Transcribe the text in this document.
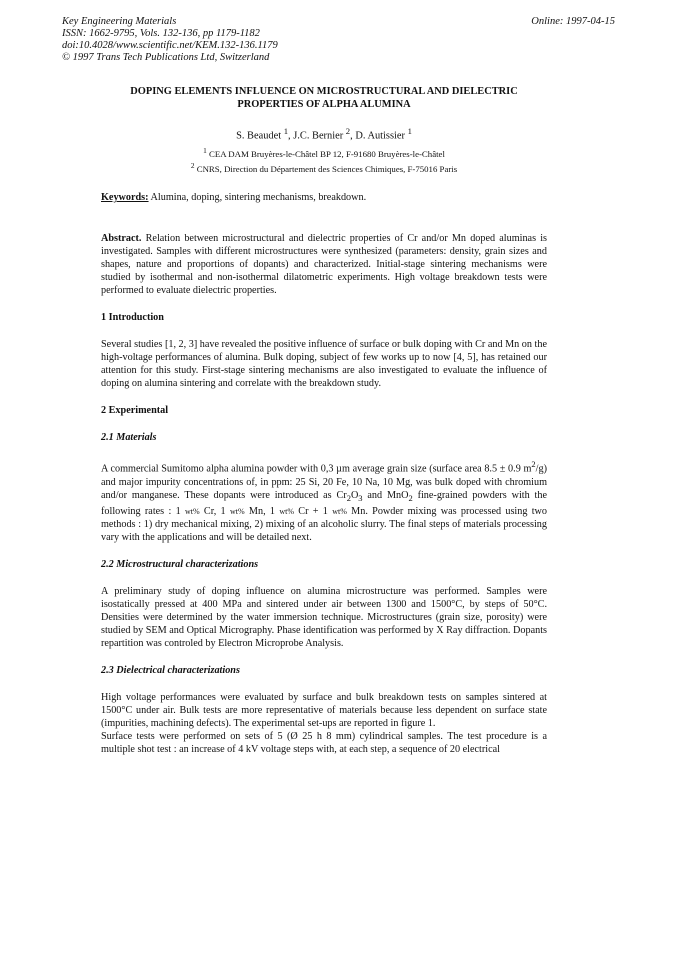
Key Engineering Materials
ISSN: 1662-9795, Vols. 132-136, pp 1179-1182
doi:10.4028/www.scientific.net/KEM.132-136.1179
© 1997 Trans Tech Publications Ltd, Switzerland
Online: 1997-04-15
DOPING ELEMENTS INFLUENCE ON MICROSTRUCTURAL AND DIELECTRIC
PROPERTIES OF ALPHA ALUMINA
S. Beaudet $^1$, J.C. Bernier $^2$, D. Autissier $^1$
$^1$ CEA DAM Bruyères-le-Châtel BP 12, F-91680 Bruyères-le-Châtel
$^2$ CNRS, Direction du Département des Sciences Chimiques, F-75016 Paris
Keywords: Alumina, doping, sintering mechanisms, breakdown.

Abstract. Relation between microstructural and dielectric properties of Cr and/or Mn doped aluminas is investigated. Samples with different microstructures were synthesized (parameters: density, grain sizes and shapes, nature and proportions of dopants) and characterized. Initial-stage sintering mechanisms were studied by isothermal and non-isothermal dilatometric experiments. High voltage breakdown tests were performed to evaluate dielectric properties.

1 Introduction

Several studies [1, 2, 3] have revealed the positive influence of surface or bulk doping with Cr and Mn on the high-voltage performances of alumina. Bulk doping, subject of few works up to now [4, 5], has retained our attention for this study. First-stage sintering mechanisms are also investigated to evaluate the influence of doping on alumina sintering and correlate with the breakdown study.

2 Experimental
2.1 Materials

A commercial Sumitomo alpha alumina powder with 0,3 µm average grain size (surface area 8.5 ± 0.9 $m^2/g$) and major impurity concentrations of, in ppm: 25 Si, 20 Fe, 10 Na, 10 Mg, was bulk doped with chromium and/or manganese. These dopants were introduced as $Cr_2O_3$ and MnO$_2$ fine-grained powders with the following rates : 1 wt% Cr, 1 wt% Mn, 1 wt% Cr + 1 wt% Mn. Powder mixing was processed using two methods : 1) dry mechanical mixing, 2) mixing of an alcoholic slurry. The final steps of materials processing vary with the applications and will be detailed next.

2.2 Microstructural characterizations

A preliminary study of doping influence on alumina microstructure was performed. Samples were isostatically pressed at 400 MPa and sintered under air between 1300 and 1500°C, by steps of 50°C. Densities were determined by the water immersion technique. Microstructures (grain size, porosity) were studied by SEM and Optical Micrography. Phase identification was performed by X Ray diffraction. Dopants repartition was controled by Electron Microprobe Analysis.

2.3 Dielectrical characterizations

High voltage performances were evaluated by surface and bulk breakdown tests on samples sintered at 1500°C under air. Bulk tests are more representative of materials because less dependent on surface state (impurities, machining defects). The experimental set-ups are reported in figure 1.

Surface tests were performed on sets of 5 (Ø 25 h 8 mm) cylindrical samples. The test procedure is a multiple shot test : an increase of 4 kV voltage steps with, at each step, a sequence of 20 electrical
